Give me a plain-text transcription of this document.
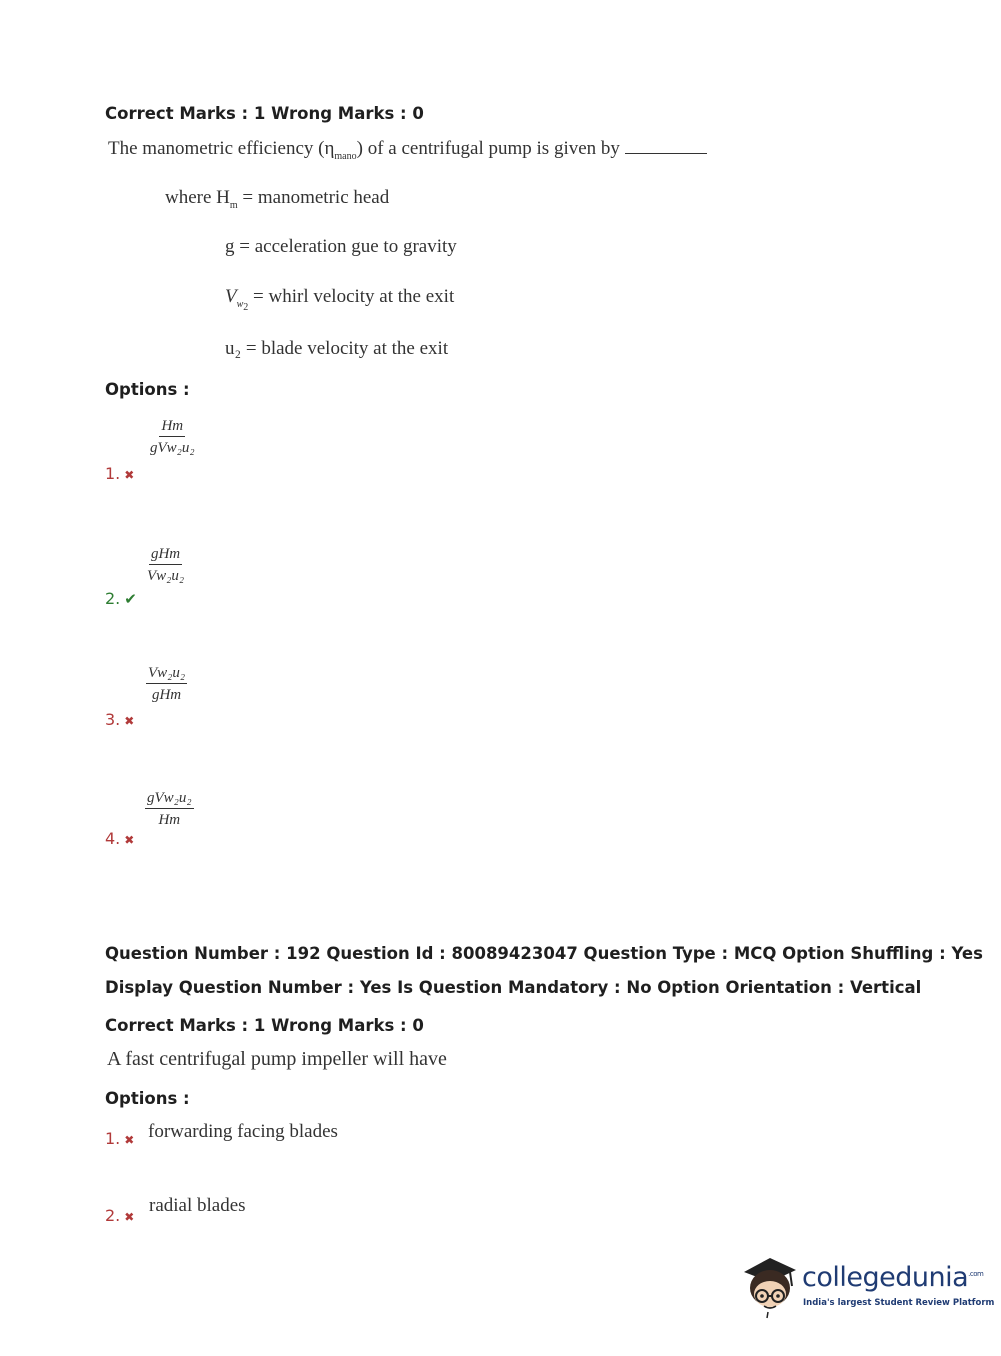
Correct Marks : 1 Wrong Marks : 0
The manometric efficiency $(\eta_{mano})$ of a centrifugal pump is given by
where $H_m$ = manometric head
g = acceleration gue to gravity
$V_{w_2}$ = whirl velocity at the exit
u₂ = blade velocity at the exit
Options :
Hm
gVw₂u₂
1. ✖
gHm
Vw₂u₂
2. ✔
Vw₂u₂
gHm
3. ✖
gVw₂u₂
Hm
4. ✖
Question Number : 192 Question Id : 80089423047 Question Type : MCQ Option Shuffling : Yes
Display Question Number : Yes Is Question Mandatory : No Option Orientation : Vertical
Correct Marks : 1 Wrong Marks : 0
A fast centrifugal pump impeller will have
Options :
1. ✖ forwarding facing blades
2. ✖
radial blades
collegedunia$^{.com}$
India's largest Student Review Platform
